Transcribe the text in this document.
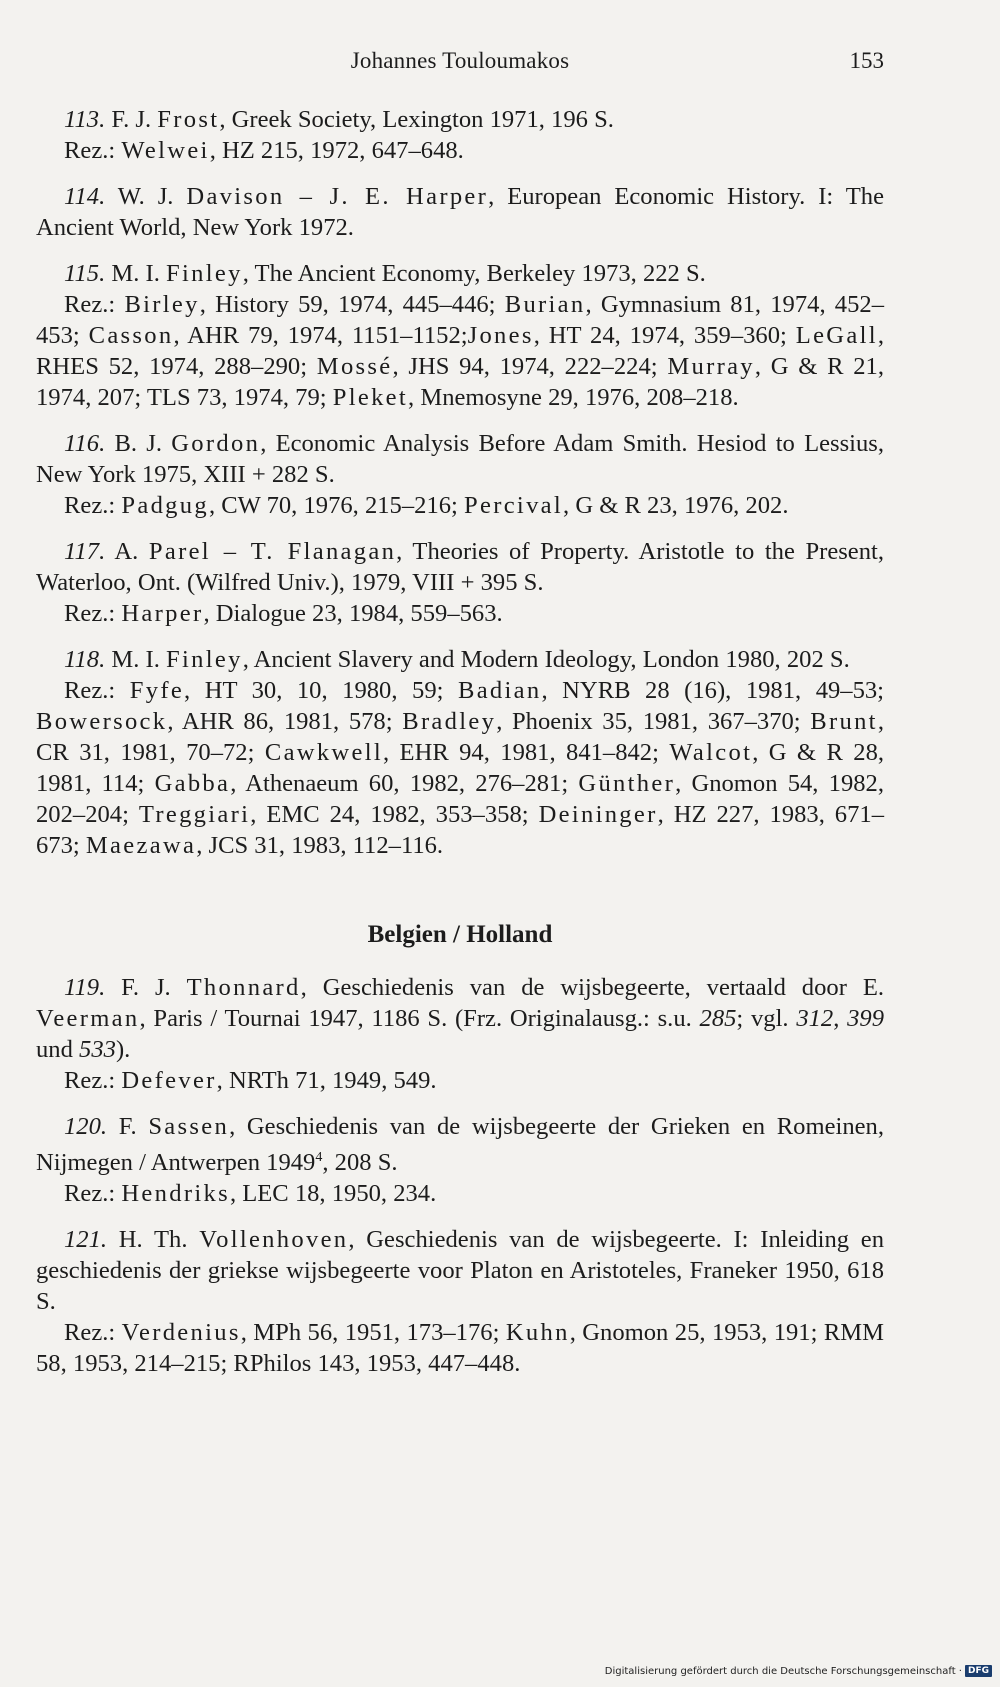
Johannes Touloumakos	153

113. F. J. Frost, Greek Society, Lexington 1971, 196 S.

Rez.: Welwei, HZ 215, 1972, 647–648.

114. W. J. Davison – J. E. Harper, European Economic History. I: The Ancient World, New York 1972.

115. M. I. Finley, The Ancient Economy, Berkeley 1973, 222 S.

Rez.: Birley, History 59, 1974, 445–446; Burian, Gymnasium 81, 1974, 452–453; Casson, AHR 79, 1974, 1151–1152;Jones, HT 24, 1974, 359–360; LeGall, RHES 52, 1974, 288–290; Mossé, JHS 94, 1974, 222–224; Murray, G & R 21, 1974, 207; TLS 73, 1974, 79; Pleket, Mnemosyne 29, 1976, 208–218.

116. B. J. Gordon, Economic Analysis Before Adam Smith. Hesiod to Lessius, New York 1975, XIII + 282 S.

Rez.: Padgug, CW 70, 1976, 215–216; Percival, G & R 23, 1976, 202.

117. A. Parel – T. Flanagan, Theories of Property. Aristotle to the Present, Waterloo, Ont. (Wilfred Univ.), 1979, VIII + 395 S.

Rez.: Harper, Dialogue 23, 1984, 559–563.

118. M. I. Finley, Ancient Slavery and Modern Ideology, London 1980, 202 S.

Rez.: Fyfe, HT 30, 10, 1980, 59; Badian, NYRB 28 (16), 1981, 49–53; Bowersock, AHR 86, 1981, 578; Bradley, Phoenix 35, 1981, 367–370; Brunt, CR 31, 1981, 70–72; Cawkwell, EHR 94, 1981, 841–842; Walcot, G & R 28, 1981, 114; Gabba, Athenaeum 60, 1982, 276–281; Günther, Gnomon 54, 1982, 202–204; Treggiari, EMC 24, 1982, 353–358; Deininger, HZ 227, 1983, 671–673; Maezawa, JCS 31, 1983, 112–116.

Belgien / Holland

119. F. J. Thonnard, Geschiedenis van de wijsbegeerte, vertaald door E. Veerman, Paris / Tournai 1947, 1186 S. (Frz. Originalausg.: s.u. 285; vgl. 312, 399 und 533).

Rez.: Defever, NRTh 71, 1949, 549.

120. F. Sassen, Geschiedenis van de wijsbegeerte der Grieken en Romeinen, Nijmegen / Antwerpen 1949$^4$, 208 S.

Rez.: Hendriks, LEC 18, 1950, 234.

121. H. Th. Vollenhoven, Geschiedenis van de wijsbegeerte. I: Inleiding en geschiedenis der griekse wijsbegeerte voor Platon en Aristoteles, Franeker 1950, 618 S.

Rez.: Verdenius, MPh 56, 1951, 173–176; Kuhn, Gnomon 25, 1953, 191; RMM 58, 1953, 214–215; RPhilos 143, 1953, 447–448.

Digitalisierung gefördert durch die Deutsche Forschungsgemeinschaft · DFG
